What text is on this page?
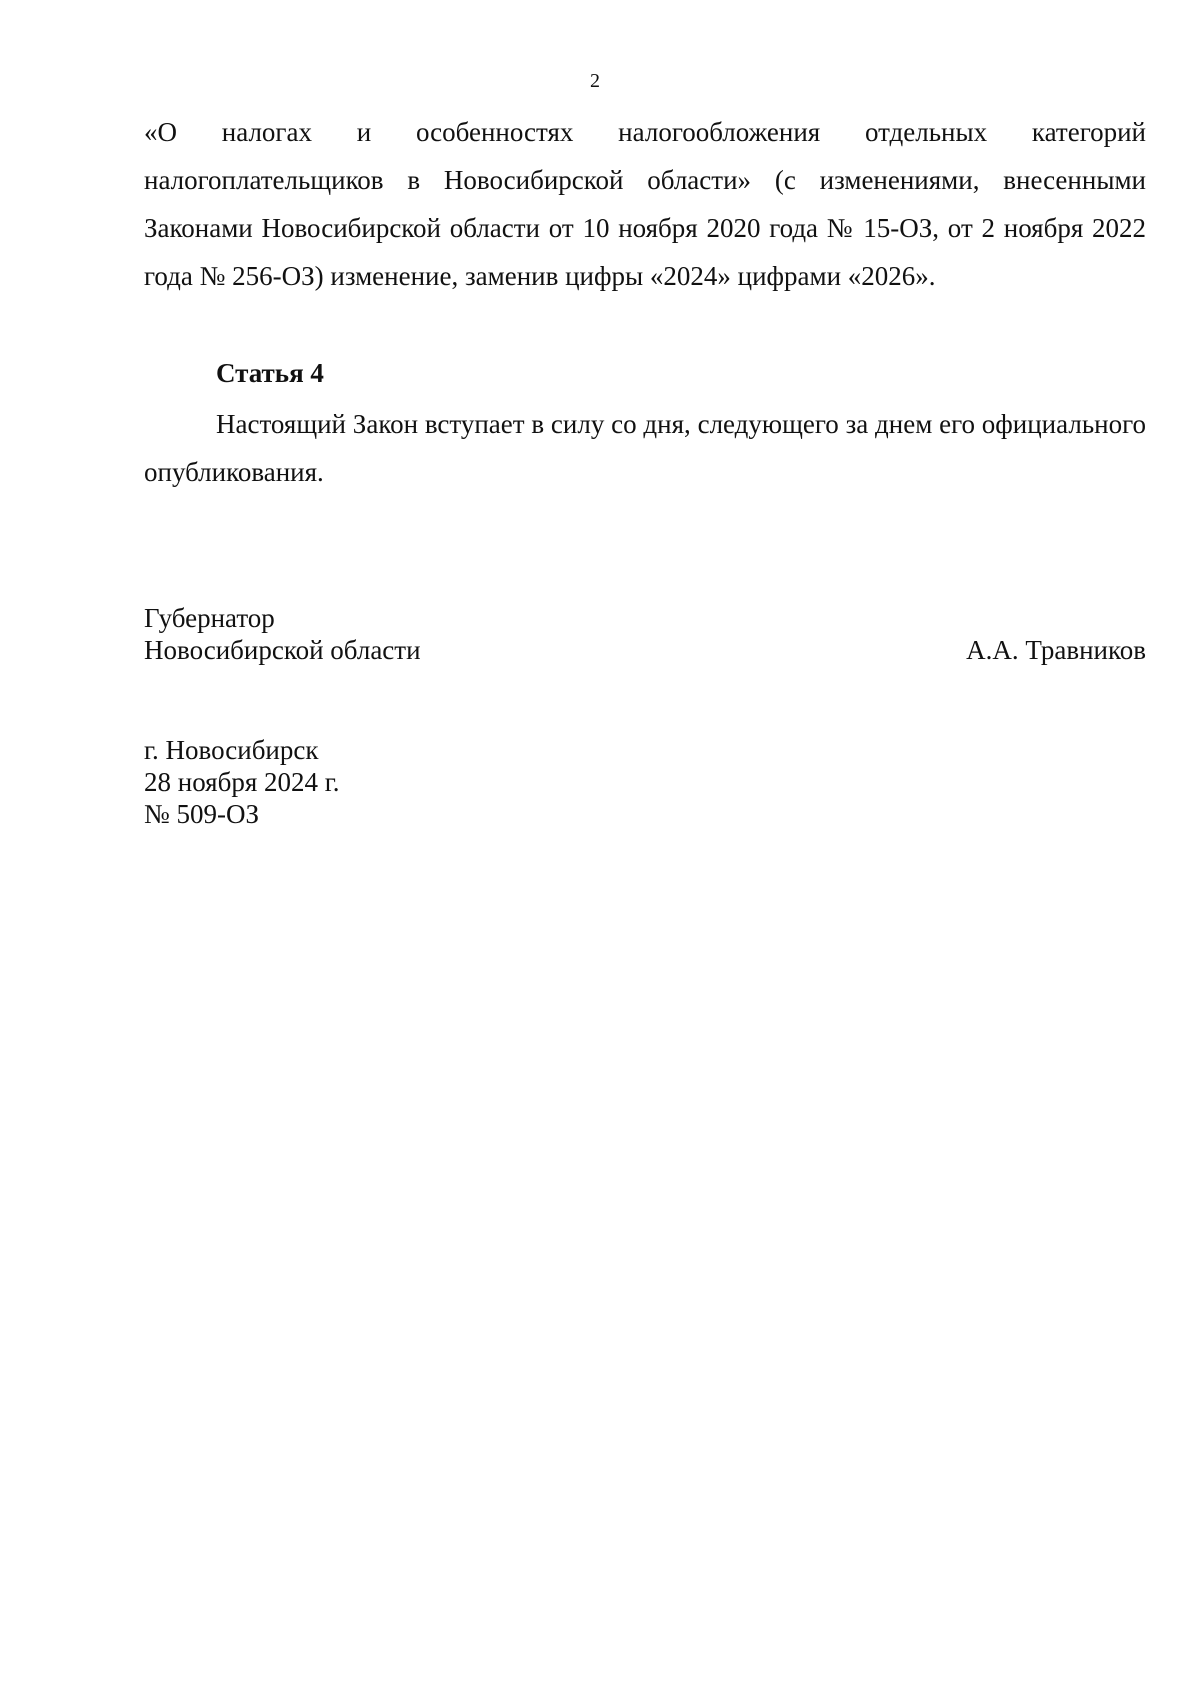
2

«О налогах и особенностях налогообложения отдельных категорий налогоплательщиков в Новосибирской области» (с изменениями, внесенными Законами Новосибирской области от 10 ноября 2020 года № 15-ОЗ, от 2 ноября 2022 года № 256-ОЗ) изменение, заменив цифры «2024» цифрами «2026».

Статья 4

Настоящий Закон вступает в силу со дня, следующего за днем его официального опубликования.

Губернатор
Новосибирской области	А.А. Травников
г. Новосибирск
28 ноября 2024 г.
№ 509-ОЗ
